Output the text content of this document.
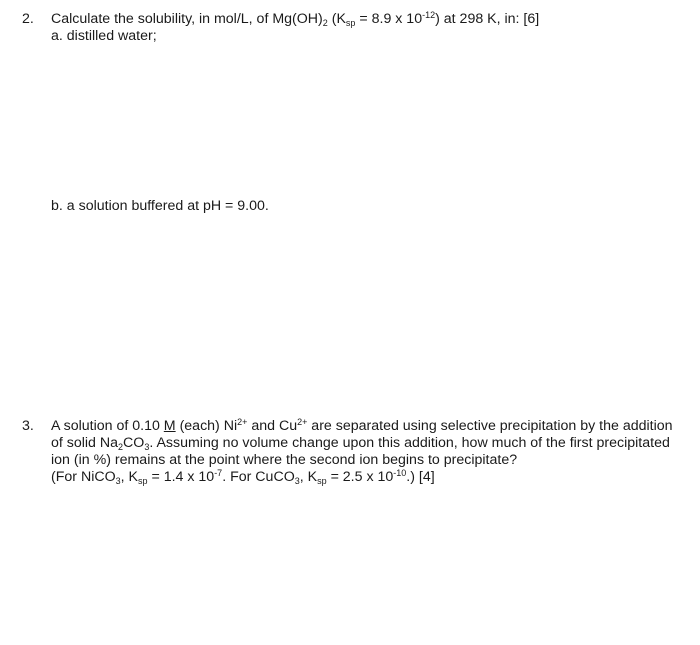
2. Calculate the solubility, in mol/L, of $Mg(OH)_2$ ($K_{sp} = 8.9$ x $10^{-12}$) at 298 K, in: [6]
a. distilled water;
b. a solution buffered at pH = 9.00.
3. A solution of 0.10 M (each) $Ni^{2+}$ and $Cu^{2+}$ are separated using selective precipitation by the addition
of solid $Na_2CO_3$. Assuming no volume change upon this addition, how much of the first precipitated
ion (in %) remains at the point where the second ion begins to precipitate?
(For NiCO$_3$, $K_{sp} = 1.4$ x $10^{-7}$. For CuCO$_3$, $K_{sp} = 2.5$ x $10^{-10}$.) [4]
